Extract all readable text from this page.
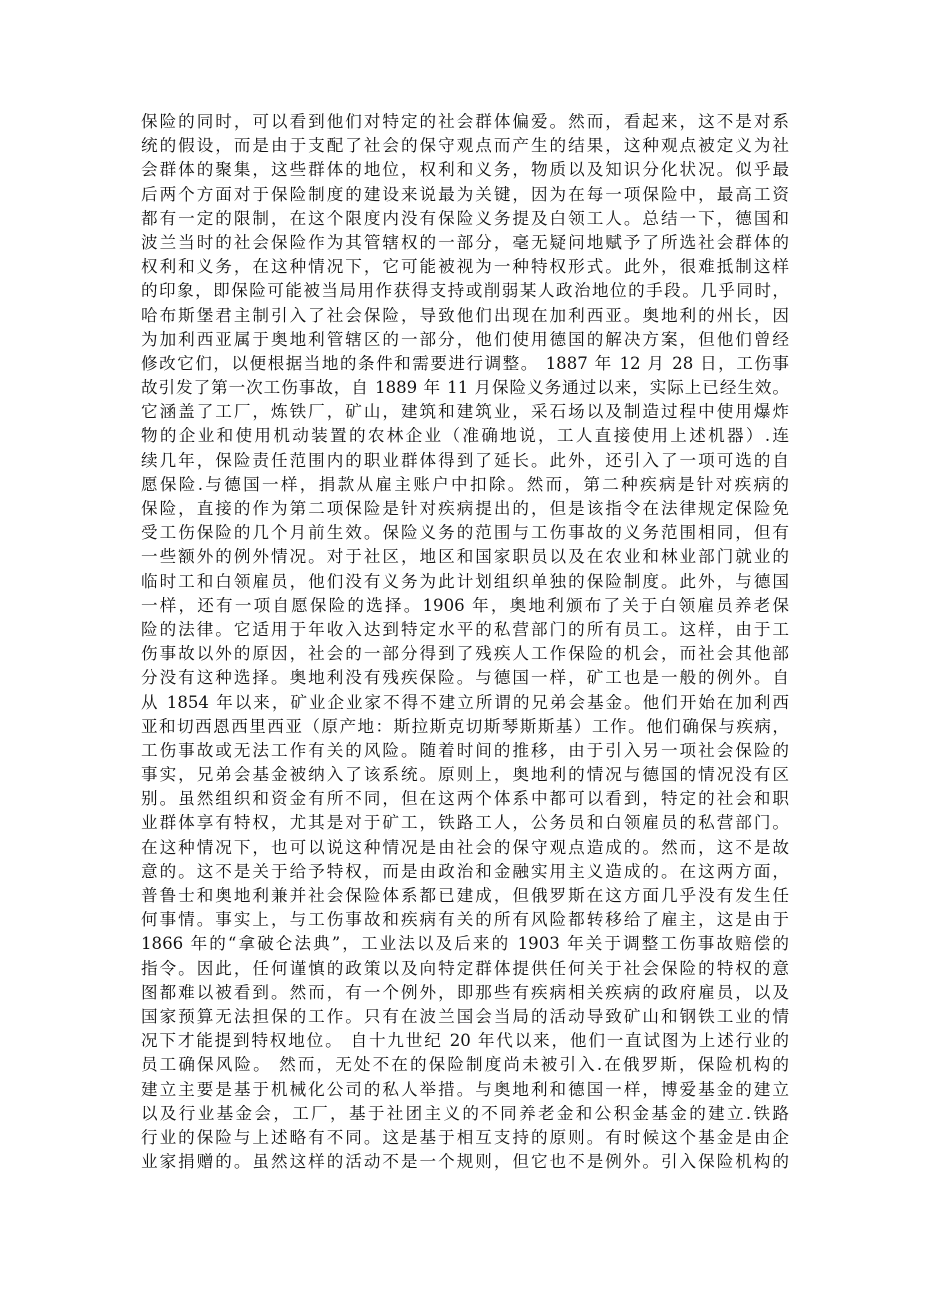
保险的同时，可以看到他们对特定的社会群体偏爱。然而，看起来，这不是对系
统的假设，而是由于支配了社会的保守观点而产生的结果，这种观点被定义为社
会群体的聚集，这些群体的地位，权利和义务，物质以及知识分化状况。似乎最
后两个方面对于保险制度的建设来说最为关键，因为在每一项保险中，最高工资
都有一定的限制，在这个限度内没有保险义务提及白领工人。总结一下，德国和
波兰当时的社会保险作为其管辖权的一部分，毫无疑问地赋予了所选社会群体的
权利和义务，在这种情况下，它可能被视为一种特权形式。此外，很难抵制这样
的印象，即保险可能被当局用作获得支持或削弱某人政治地位的手段。几乎同时，
哈布斯堡君主制引入了社会保险，导致他们出现在加利西亚。奥地利的州长，因
为加利西亚属于奥地利管辖区的一部分，他们使用德国的解决方案，但他们曾经
修改它们，以便根据当地的条件和需要进行调整。 1887 年 12 月 28 日，工伤事
故引发了第一次工伤事故，自 1889 年 11 月保险义务通过以来，实际上已经生效。
它涵盖了工厂，炼铁厂，矿山，建筑和建筑业，采石场以及制造过程中使用爆炸
物的企业和使用机动装置的农林企业（准确地说，工人直接使用上述机器）.连
续几年，保险责任范围内的职业群体得到了延长。此外，还引入了一项可选的自
愿保险.与德国一样，捐款从雇主账户中扣除。然而，第二种疾病是针对疾病的
保险，直接的作为第二项保险是针对疾病提出的，但是该指令在法律规定保险免
受工伤保险的几个月前生效。保险义务的范围与工伤事故的义务范围相同，但有
一些额外的例外情况。对于社区，地区和国家职员以及在农业和林业部门就业的
临时工和白领雇员，他们没有义务为此计划组织单独的保险制度。此外，与德国
一样，还有一项自愿保险的选择。1906 年，奥地利颁布了关于白领雇员养老保
险的法律。它适用于年收入达到特定水平的私营部门的所有员工。这样，由于工
伤事故以外的原因，社会的一部分得到了残疾人工作保险的机会，而社会其他部
分没有这种选择。奥地利没有残疾保险。与德国一样，矿工也是一般的例外。自
从 1854 年以来，矿业企业家不得不建立所谓的兄弟会基金。他们开始在加利西
亚和切西恩西里西亚（原产地：斯拉斯克切斯琴斯斯基）工作。他们确保与疾病，
工伤事故或无法工作有关的风险。随着时间的推移，由于引入另一项社会保险的
事实，兄弟会基金被纳入了该系统。原则上，奥地利的情况与德国的情况没有区
别。虽然组织和资金有所不同，但在这两个体系中都可以看到，特定的社会和职
业群体享有特权，尤其是对于矿工，铁路工人，公务员和白领雇员的私营部门。
在这种情况下，也可以说这种情况是由社会的保守观点造成的。然而，这不是故
意的。这不是关于给予特权，而是由政治和金融实用主义造成的。在这两方面，
普鲁士和奥地利兼并社会保险体系都已建成，但俄罗斯在这方面几乎没有发生任
何事情。事实上，与工伤事故和疾病有关的所有风险都转移给了雇主，这是由于
1866 年的“拿破仑法典”，工业法以及后来的 1903 年关于调整工伤事故赔偿的
指令。因此，任何谨慎的政策以及向特定群体提供任何关于社会保险的特权的意
图都难以被看到。然而，有一个例外，即那些有疾病相关疾病的政府雇员，以及
国家预算无法担保的工作。只有在波兰国会当局的活动导致矿山和钢铁工业的情
况下才能提到特权地位。 自十九世纪 20 年代以来，他们一直试图为上述行业的
员工确保风险。 然而，无处不在的保险制度尚未被引入.在俄罗斯，保险机构的
建立主要是基于机械化公司的私人举措。与奥地利和德国一样，博爱基金的建立
以及行业基金会，工厂，基于社团主义的不同养老金和公积金基金的建立.铁路
行业的保险与上述略有不同。这是基于相互支持的原则。有时候这个基金是由企
业家捐赠的。虽然这样的活动不是一个规则，但它也不是例外。引入保险机构的
